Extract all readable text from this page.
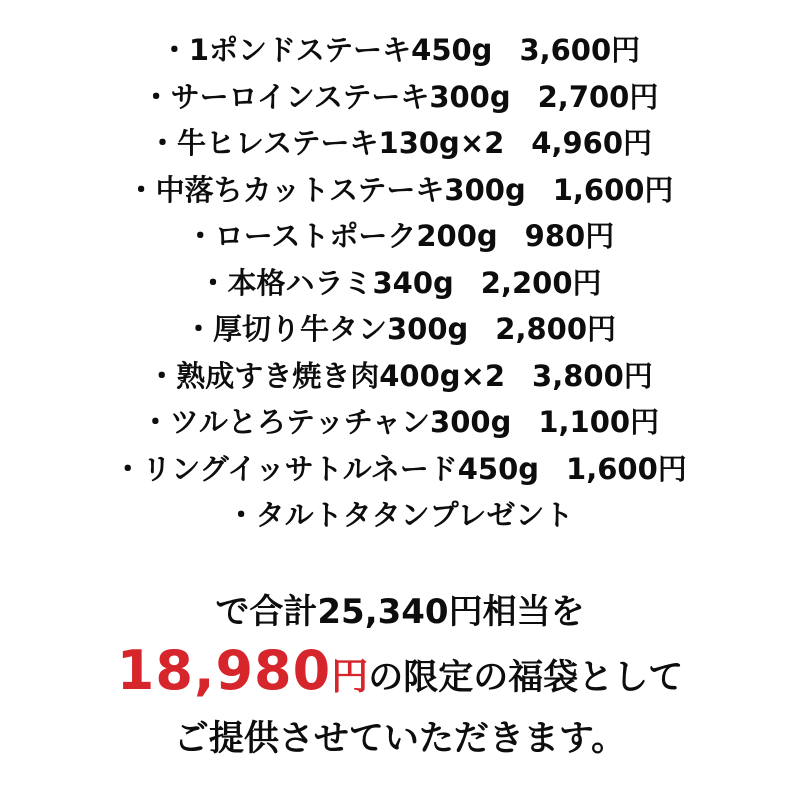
・1ポンドステーキ450g 3,600円
・サーロインステーキ300g 2,700円
・牛ヒレステーキ130g×2 4,960円
・中落ちカットステーキ300g 1,600円
・ローストポーク200g 980円
・本格ハラミ340g 2,200円
・厚切り牛タン300g 2,800円
・熟成すき焼き肉400g×2 3,800円
・ツルとろテッチャン300g 1,100円
・リングイッサトルネード450g 1,600円
・タルトタタンプレゼント

で合計25,340円相当を

18,980 円 の限定の福袋として

ご提供させていただきます。
